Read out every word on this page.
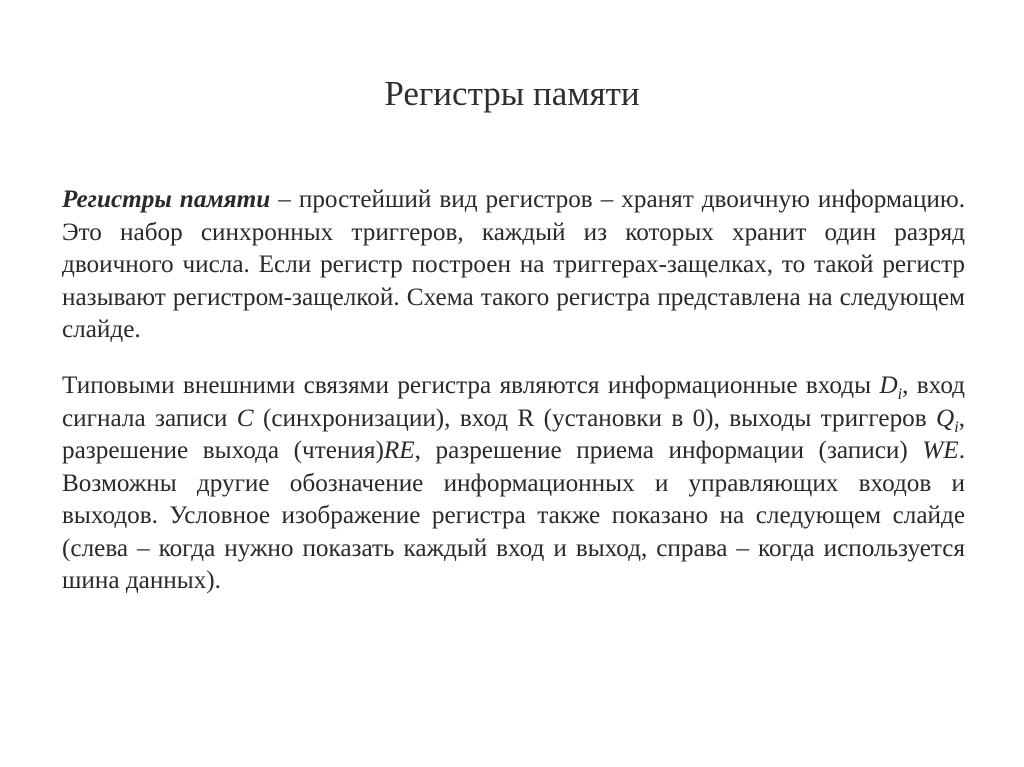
Регистры памяти

Регистры памяти – простейший вид регистров – хранят двоичную информацию. Это набор синхронных триггеров, каждый из которых хранит один разряд двоичного числа. Если регистр построен на триггерах-защелках, то такой регистр называют регистром-защелкой. Схема такого регистра представлена на следующем слайде.

Типовыми внешними связями регистра являются информационные входы $D_i$, вход сигнала записи C (синхронизации), вход R (установки в 0), выходы триггеров $Q_i$, разрешение выхода (чтения)RE, разрешение приема информации (записи) WE. Возможны другие обозначение информационных и управляющих входов и выходов. Условное изображение регистра также показано на следующем слайде (слева – когда нужно показать каждый вход и выход, справа – когда используется шина данных).
